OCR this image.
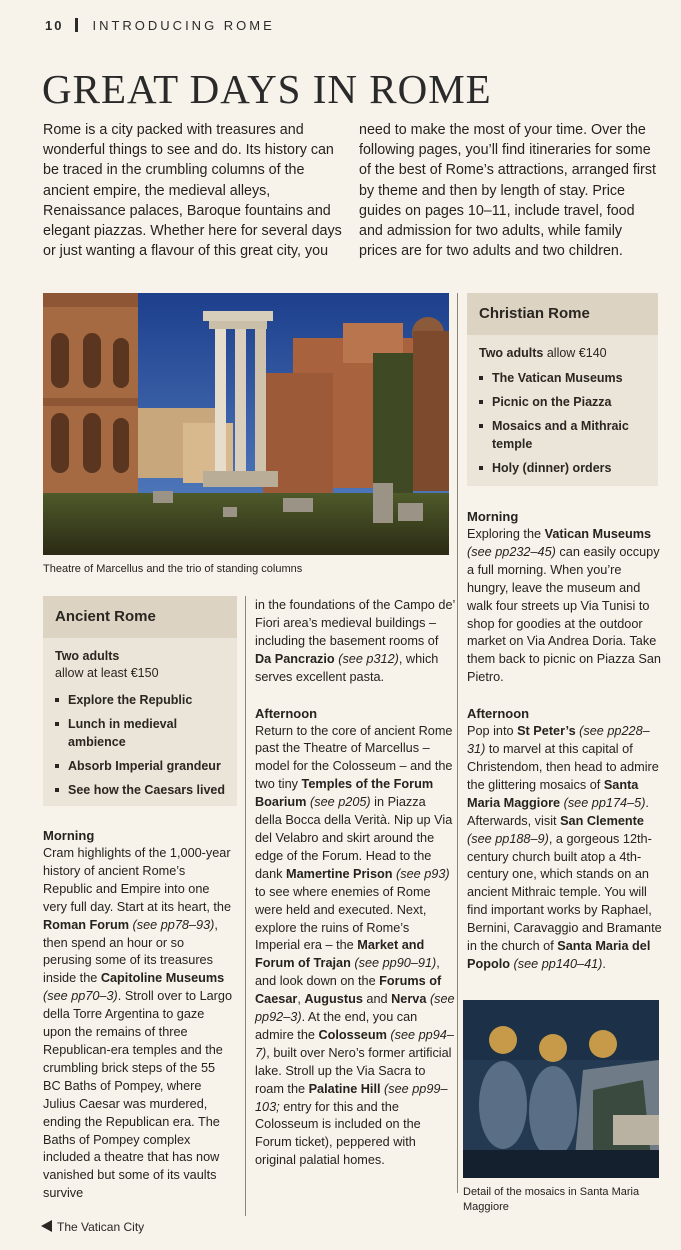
10 INTRODUCING ROME
GREAT DAYS IN ROME

Rome is a city packed with treasures and wonderful things to see and do. Its history can be traced in the crumbling columns of the ancient empire, the medieval alleys, Renaissance palaces, Baroque fountains and elegant piazzas. Whether here for several days or just wanting a flavour of this great city, you

need to make the most of your time. Over the following pages, you’ll find itineraries for some of the best of Rome’s attractions, arranged first by theme and then by length of stay. Price guides on pages 10–11, include travel, food and admission for two adults, while family prices are for two adults and two children.

Theatre of Marcellus and the trio of standing columns
Ancient Rome
Two adults
allow at least €150
Explore the Republic
Lunch in medieval ambience
Absorb Imperial grandeur
See how the Caesars lived
Christian Rome
Two adults allow €140
The Vatican Museums
Picnic on the Piazza
Mosaics and a Mithraic temple
Holy (dinner) orders
Morning
Cram highlights of the 1,000-year history of ancient Rome’s Republic and Empire into one very full day. Start at its heart, the Roman Forum (see pp78–93), then spend an hour or so perusing some of its treasures inside the Capitoline Museums (see pp70–3). Stroll over to Largo della Torre Argentina to gaze upon the remains of three Republican-era temples and the crumbling brick steps of the 55 BC Baths of Pompey, where Julius Caesar was murdered, ending the Republican era. The Baths of Pompey complex included a theatre that has now vanished but some of its vaults survive
in the foundations of the Campo de’ Fiori area’s medieval buildings – including the basement rooms of Da Pancrazio (see p312), which serves excellent pasta.
Afternoon
Return to the core of ancient Rome past the Theatre of Marcellus – model for the Colosseum – and the two tiny Temples of the Forum Boarium (see p205) in Piazza della Bocca della Verità. Nip up Via del Velabro and skirt around the edge of the Forum. Head to the dank Mamertine Prison (see p93) to see where enemies of Rome were held and executed. Next, explore the ruins of Rome’s Imperial era – the Market and Forum of Trajan (see pp90–91), and look down on the Forums of Caesar, Augustus and Nerva (see pp92–3). At the end, you can admire the Colosseum (see pp94–7), built over Nero’s former artificial lake. Stroll up the Via Sacra to roam the Palatine Hill (see pp99–103; entry for this and the Colosseum is included on the Forum ticket), peppered with original palatial homes.
Morning
Exploring the Vatican Museums (see pp232–45) can easily occupy a full morning. When you’re hungry, leave the museum and walk four streets up Via Tunisi to shop for goodies at the outdoor market on Via Andrea Doria. Take them back to picnic on Piazza San Pietro.
Afternoon
Pop into St Peter’s (see pp228–31) to marvel at this capital of Christendom, then head to admire the glittering mosaics of Santa Maria Maggiore (see pp174–5). Afterwards, visit San Clemente (see pp188–9), a gorgeous 12th-century church built atop a 4th-century one, which stands on an ancient Mithraic temple. You will find important works by Raphael, Bernini, Caravaggio and Bramante in the church of Santa Maria del Popolo (see pp140–41).
Detail of the mosaics in Santa Maria Maggiore
The Vatican City
